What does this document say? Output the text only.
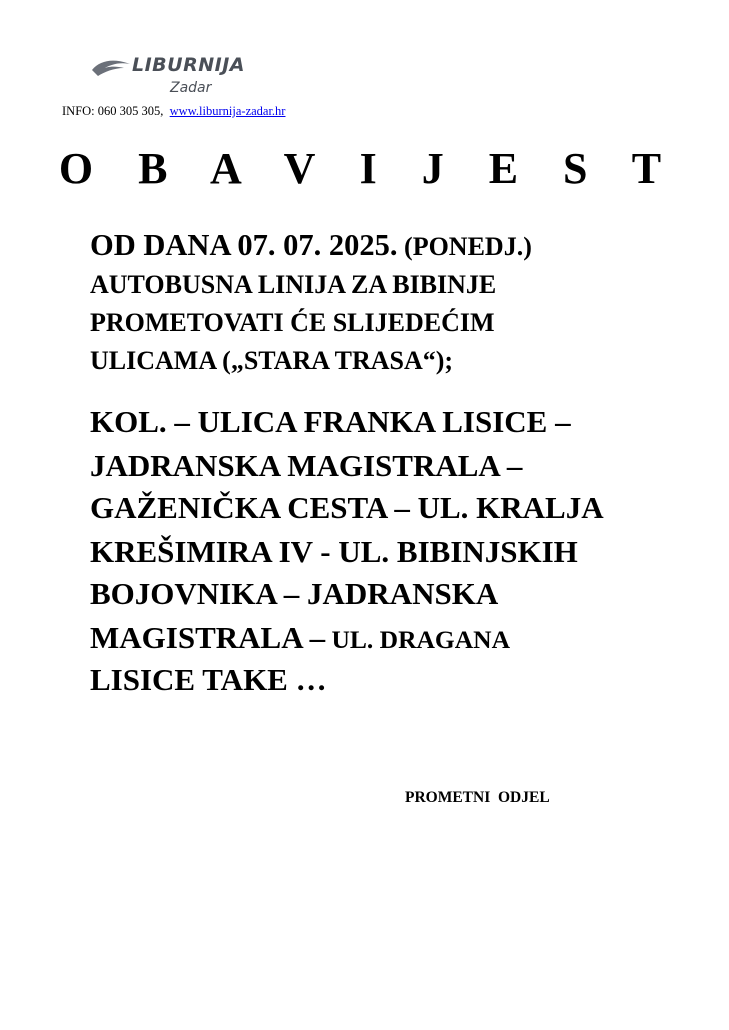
LIBURNIJA
Zadar
INFO: 060 305 305, www.liburnija-zadar.hr
O B A V I J E S T
OD DANA 07. 07. 2025. (PONEDJ.)
AUTOBUSNA LINIJA ZA BIBINJE
PROMETOVATI ĆE SLIJEDEĆIM
ULICAMA („STARA TRASA“);
KOL. – ULICA FRANKA LISICE –
JADRANSKA MAGISTRALA –
GAŽENIČKA CESTA – UL. KRALJA
KREŠIMIRA IV - UL. BIBINJSKIH
BOJOVNIKA – JADRANSKA
MAGISTRALA – UL. DRAGANA
LISICE TAKE …
PROMETNI  ODJEL
